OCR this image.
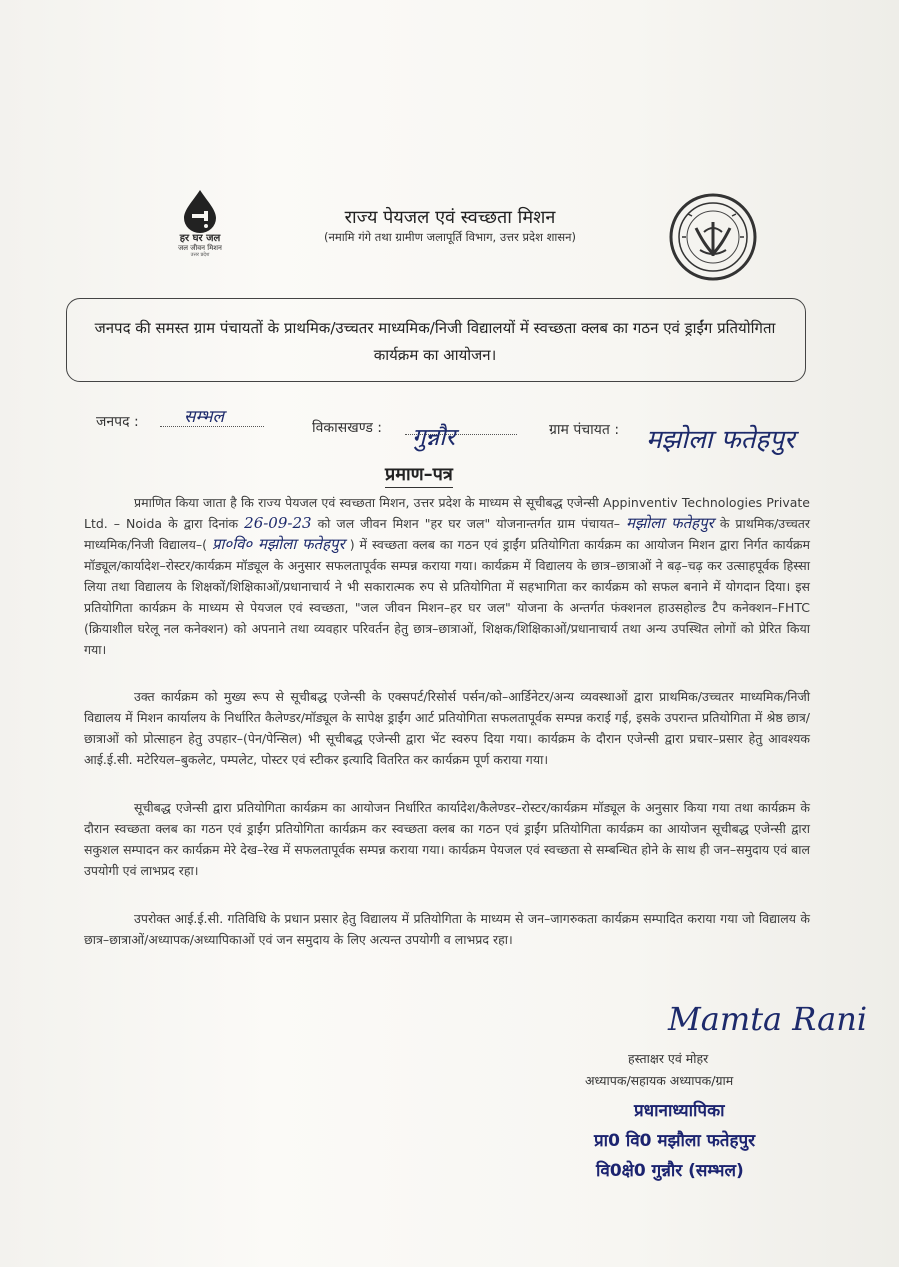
हर घर जल
जल जीवन मिशन
उत्तर प्रदेश
राज्य पेयजल एवं स्वच्छता मिशन
(नमामि गंगे तथा ग्रामीण जलापूर्ति विभाग, उत्तर प्रदेश शासन)
जनपद की समस्त ग्राम पंचायतों के प्राथमिक/उच्चतर माध्यमिक/निजी विद्यालयों में स्वच्छता क्लब का गठन एवं ड्राईंग प्रतियोगिता कार्यक्रम का आयोजन।
जनपद :	सम्भल
विकासखण्ड : गुन्नौर	ग्राम पंचायत : मझोला फतेहपुर
प्रमाण–पत्र
प्रमाणित किया जाता है कि राज्य पेयजल एवं स्वच्छता मिशन, उत्तर प्रदेश के माध्यम से सूचीबद्ध एजेन्सी Appinventiv Technologies Private Ltd. – Noida के द्वारा दिनांक 26-09-23 को जल जीवन मिशन "हर घर जल" योजनान्तर्गत ग्राम पंचायत– मझोला फतेहपुर के प्राथमिक/उच्चतर माध्यमिक/निजी विद्यालय–( प्रा०वि० मझोला फतेहपुर ) में स्वच्छता क्लब का गठन एवं ड्राईंग प्रतियोगिता कार्यक्रम का आयोजन मिशन द्वारा निर्गत कार्यक्रम मॉड्यूल/कार्यादेश–रोस्टर/कार्यक्रम मॉड्यूल के अनुसार सफलतापूर्वक सम्पन्न कराया गया। कार्यक्रम में विद्यालय के छात्र–छात्राओं ने बढ़–चढ़ कर उत्साहपूर्वक हिस्सा लिया तथा विद्यालय के शिक्षकों/शिक्षिकाओं/प्रधानाचार्य ने भी सकारात्मक रुप से प्रतियोगिता में सहभागिता कर कार्यक्रम को सफल बनाने में योगदान दिया। इस प्रतियोगिता कार्यक्रम के माध्यम से पेयजल एवं स्वच्छता, "जल जीवन मिशन–हर घर जल" योजना के अन्तर्गत फंक्शनल हाउसहोल्ड टैप कनेक्शन–FHTC (क्रियाशील घरेलू नल कनेक्शन) को अपनाने तथा व्यवहार परिवर्तन हेतु छात्र–छात्राओं, शिक्षक/शिक्षिकाओं/प्रधानाचार्य तथा अन्य उपस्थित लोगों को प्रेरित किया गया।
उक्त कार्यक्रम को मुख्य रूप से सूचीबद्ध एजेन्सी के एक्सपर्ट/रिसोर्स पर्सन/को–आर्डिनेटर/अन्य व्यवस्थाओं द्वारा प्राथमिक/उच्चतर माध्यमिक/निजी विद्यालय में मिशन कार्यालय के निर्धारित कैलेण्डर/मॉड्यूल के सापेक्ष ड्राईंग आर्ट प्रतियोगिता सफलतापूर्वक सम्पन्न कराई गई, इसके उपरान्त प्रतियोगिता में श्रेष्ठ छात्र/छात्राओं को प्रोत्साहन हेतु उपहार–(पेन/पेन्सिल) भी सूचीबद्ध एजेन्सी द्वारा भेंट स्वरुप दिया गया। कार्यक्रम के दौरान एजेन्सी द्वारा प्रचार–प्रसार हेतु आवश्यक आई.ई.सी. मटेरियल–बुकलेट, पम्पलेट, पोस्टर एवं स्टीकर इत्यादि वितरित कर कार्यक्रम पूर्ण कराया गया।
सूचीबद्ध एजेन्सी द्वारा प्रतियोगिता कार्यक्रम का आयोजन निर्धारित कार्यादेश/कैलेण्डर–रोस्टर/कार्यक्रम मॉड्यूल के अनुसार किया गया तथा कार्यक्रम के दौरान स्वच्छता क्लब का गठन एवं ड्राईंग प्रतियोगिता कार्यक्रम कर स्वच्छता क्लब का गठन एवं ड्राईंग प्रतियोगिता कार्यक्रम का आयोजन सूचीबद्ध एजेन्सी द्वारा सकुशल सम्पादन कर कार्यक्रम मेरे देख–रेख में सफलतापूर्वक सम्पन्न कराया गया। कार्यक्रम पेयजल एवं स्वच्छता से सम्बन्धित होने के साथ ही जन–समुदाय एवं बाल उपयोगी एवं लाभप्रद रहा।
उपरोक्त आई.ई.सी. गतिविधि के प्रधान प्रसार हेतु विद्यालय में प्रतियोगिता के माध्यम से जन–जागरुकता कार्यक्रम सम्पादित कराया गया जो विद्यालय के छात्र–छात्राओं/अध्यापक/अध्यापिकाओं एवं जन समुदाय के लिए अत्यन्त उपयोगी व लाभप्रद रहा।
Mamta Rani
हस्ताक्षर एवं मोहर
अध्यापक/सहायक अध्यापक/ग्राम
प्रधानाध्यापिका
प्रा0 वि0 मझौला फतेहपुर
वि0क्षे0 गुन्नौर (सम्भल)
